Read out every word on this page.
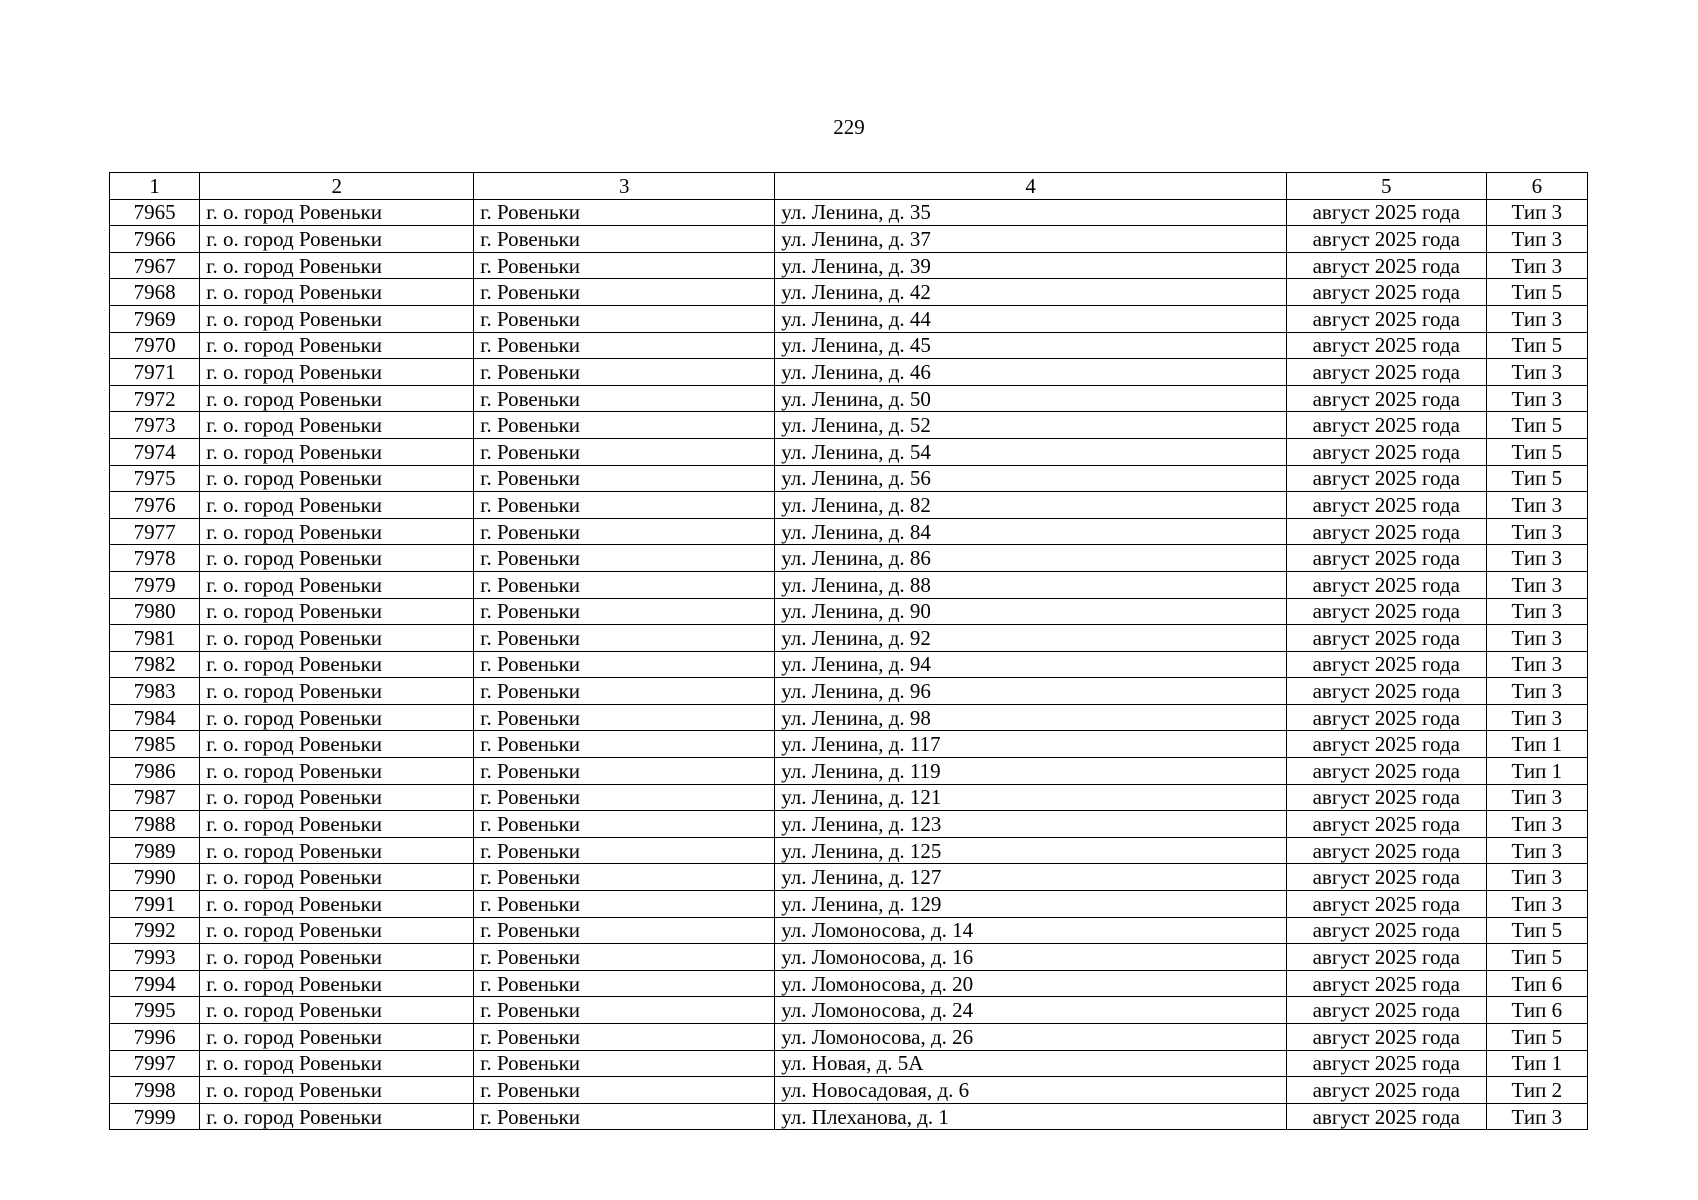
229
1	2	3	4	5	6
7965	г. о. город Ровеньки	г. Ровеньки	ул. Ленина, д. 35	август 2025 года	Тип 3
7966	г. о. город Ровеньки	г. Ровеньки	ул. Ленина, д. 37	август 2025 года	Тип 3
7967	г. о. город Ровеньки	г. Ровеньки	ул. Ленина, д. 39	август 2025 года	Тип 3
7968	г. о. город Ровеньки	г. Ровеньки	ул. Ленина, д. 42	август 2025 года	Тип 5
7969	г. о. город Ровеньки	г. Ровеньки	ул. Ленина, д. 44	август 2025 года	Тип 3
7970	г. о. город Ровеньки	г. Ровеньки	ул. Ленина, д. 45	август 2025 года	Тип 5
7971	г. о. город Ровеньки	г. Ровеньки	ул. Ленина, д. 46	август 2025 года	Тип 3
7972	г. о. город Ровеньки	г. Ровеньки	ул. Ленина, д. 50	август 2025 года	Тип 3
7973	г. о. город Ровеньки	г. Ровеньки	ул. Ленина, д. 52	август 2025 года	Тип 5
7974	г. о. город Ровеньки	г. Ровеньки	ул. Ленина, д. 54	август 2025 года	Тип 5
7975	г. о. город Ровеньки	г. Ровеньки	ул. Ленина, д. 56	август 2025 года	Тип 5
7976	г. о. город Ровеньки	г. Ровеньки	ул. Ленина, д. 82	август 2025 года	Тип 3
7977	г. о. город Ровеньки	г. Ровеньки	ул. Ленина, д. 84	август 2025 года	Тип 3
7978	г. о. город Ровеньки	г. Ровеньки	ул. Ленина, д. 86	август 2025 года	Тип 3
7979	г. о. город Ровеньки	г. Ровеньки	ул. Ленина, д. 88	август 2025 года	Тип 3
7980	г. о. город Ровеньки	г. Ровеньки	ул. Ленина, д. 90	август 2025 года	Тип 3
7981	г. о. город Ровеньки	г. Ровеньки	ул. Ленина, д. 92	август 2025 года	Тип 3
7982	г. о. город Ровеньки	г. Ровеньки	ул. Ленина, д. 94	август 2025 года	Тип 3
7983	г. о. город Ровеньки	г. Ровеньки	ул. Ленина, д. 96	август 2025 года	Тип 3
7984	г. о. город Ровеньки	г. Ровеньки	ул. Ленина, д. 98	август 2025 года	Тип 3
7985	г. о. город Ровеньки	г. Ровеньки	ул. Ленина, д. 117	август 2025 года	Тип 1
7986	г. о. город Ровеньки	г. Ровеньки	ул. Ленина, д. 119	август 2025 года	Тип 1
7987	г. о. город Ровеньки	г. Ровеньки	ул. Ленина, д. 121	август 2025 года	Тип 3
7988	г. о. город Ровеньки	г. Ровеньки	ул. Ленина, д. 123	август 2025 года	Тип 3
7989	г. о. город Ровеньки	г. Ровеньки	ул. Ленина, д. 125	август 2025 года	Тип 3
7990	г. о. город Ровеньки	г. Ровеньки	ул. Ленина, д. 127	август 2025 года	Тип 3
7991	г. о. город Ровеньки	г. Ровеньки	ул. Ленина, д. 129	август 2025 года	Тип 3
7992	г. о. город Ровеньки	г. Ровеньки	ул. Ломоносова, д. 14	август 2025 года	Тип 5
7993	г. о. город Ровеньки	г. Ровеньки	ул. Ломоносова, д. 16	август 2025 года	Тип 5
7994	г. о. город Ровеньки	г. Ровеньки	ул. Ломоносова, д. 20	август 2025 года	Тип 6
7995	г. о. город Ровеньки	г. Ровеньки	ул. Ломоносова, д. 24	август 2025 года	Тип 6
7996	г. о. город Ровеньки	г. Ровеньки	ул. Ломоносова, д. 26	август 2025 года	Тип 5
7997	г. о. город Ровеньки	г. Ровеньки	ул. Новая, д. 5А	август 2025 года	Тип 1
7998	г. о. город Ровеньки	г. Ровеньки	ул. Новосадовая, д. 6	август 2025 года	Тип 2
7999	г. о. город Ровеньки	г. Ровеньки	ул. Плеханова, д. 1	август 2025 года	Тип 3
